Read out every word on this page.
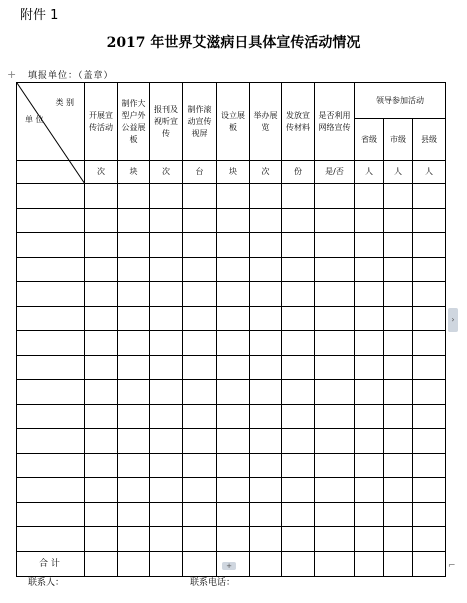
附件 1
2017 年世界艾滋病日具体宣传活动情况
+ 填报单位：（盖章）
类 别
单 位	开展宣传活动	制作大型户外公益展板	报刊及视听宣传	制作滚动宣传视屏	设立展板	举办展览	发放宣传材料	是否利用网络宣传	领导参加活动		
									省级	市级	县级
	次	块	次	台	块	次	份	是/否	人	人	人

合 计											
›
+	⌐
联系人：	联系电话：
